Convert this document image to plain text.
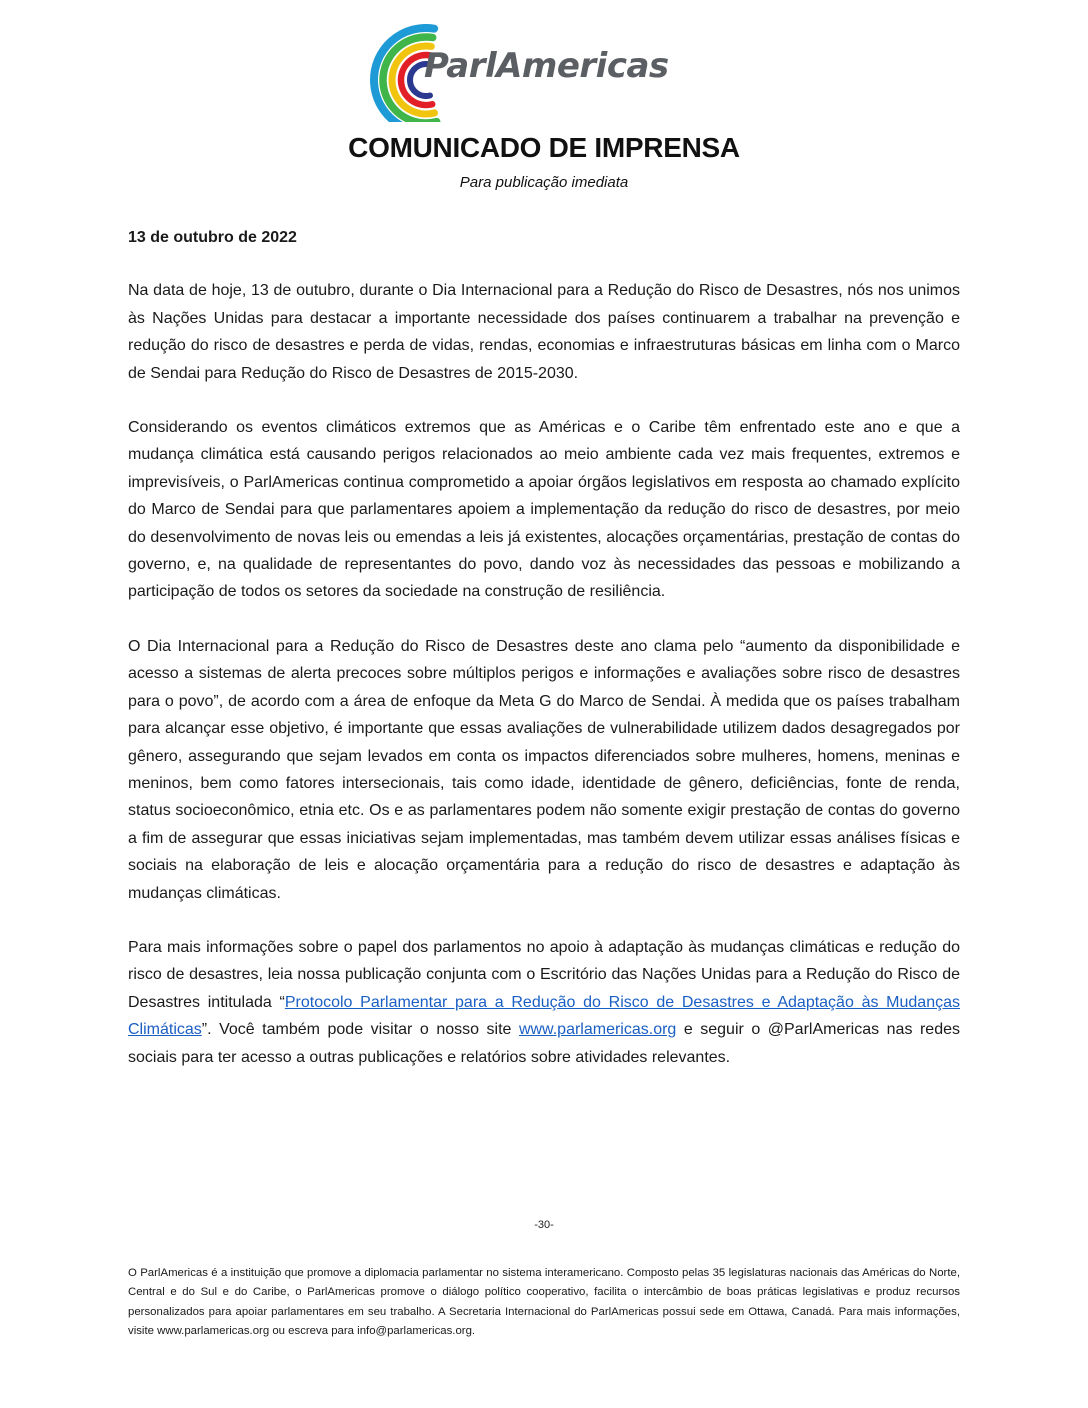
ParlAmericas
COMUNICADO DE IMPRENSA
Para publicação imediata
13 de outubro de 2022

Na data de hoje, 13 de outubro, durante o Dia Internacional para a Redução do Risco de Desastres, nós nos unimos às Nações Unidas para destacar a importante necessidade dos países continuarem a trabalhar na prevenção e redução do risco de desastres e perda de vidas, rendas, economias e infraestruturas básicas em linha com o Marco de Sendai para Redução do Risco de Desastres de 2015-2030.

Considerando os eventos climáticos extremos que as Américas e o Caribe têm enfrentado este ano e que a mudança climática está causando perigos relacionados ao meio ambiente cada vez mais frequentes, extremos e imprevisíveis, o ParlAmericas continua comprometido a apoiar órgãos legislativos em resposta ao chamado explícito do Marco de Sendai para que parlamentares apoiem a implementação da redução do risco de desastres, por meio do desenvolvimento de novas leis ou emendas a leis já existentes, alocações orçamentárias, prestação de contas do governo, e, na qualidade de representantes do povo, dando voz às necessidades das pessoas e mobilizando a participação de todos os setores da sociedade na construção de resiliência.

O Dia Internacional para a Redução do Risco de Desastres deste ano clama pelo “aumento da disponibilidade e acesso a sistemas de alerta precoces sobre múltiplos perigos e informações e avaliações sobre risco de desastres para o povo”, de acordo com a área de enfoque da Meta G do Marco de Sendai. À medida que os países trabalham para alcançar esse objetivo, é importante que essas avaliações de vulnerabilidade utilizem dados desagregados por gênero, assegurando que sejam levados em conta os impactos diferenciados sobre mulheres, homens, meninas e meninos, bem como fatores intersecionais, tais como idade, identidade de gênero, deficiências, fonte de renda, status socioeconômico, etnia etc. Os e as parlamentares podem não somente exigir prestação de contas do governo a fim de assegurar que essas iniciativas sejam implementadas, mas também devem utilizar essas análises físicas e sociais na elaboração de leis e alocação orçamentária para a redução do risco de desastres e adaptação às mudanças climáticas.

Para mais informações sobre o papel dos parlamentos no apoio à adaptação às mudanças climáticas e redução do risco de desastres, leia nossa publicação conjunta com o Escritório das Nações Unidas para a Redução do Risco de Desastres intitulada “Protocolo Parlamentar para a Redução do Risco de Desastres e Adaptação às Mudanças Climáticas”. Você também pode visitar o nosso site www.parlamericas.org e seguir o @ParlAmericas nas redes sociais para ter acesso a outras publicações e relatórios sobre atividades relevantes.

-30-
O ParlAmericas é a instituição que promove a diplomacia parlamentar no sistema interamericano. Composto pelas 35 legislaturas nacionais das Américas do Norte, Central e do Sul e do Caribe, o ParlAmericas promove o diálogo político cooperativo, facilita o intercâmbio de boas práticas legislativas e produz recursos personalizados para apoiar parlamentares em seu trabalho. A Secretaria Internacional do ParlAmericas possui sede em Ottawa, Canadá. Para mais informações, visite www.parlamericas.org ou escreva para info@parlamericas.org.
